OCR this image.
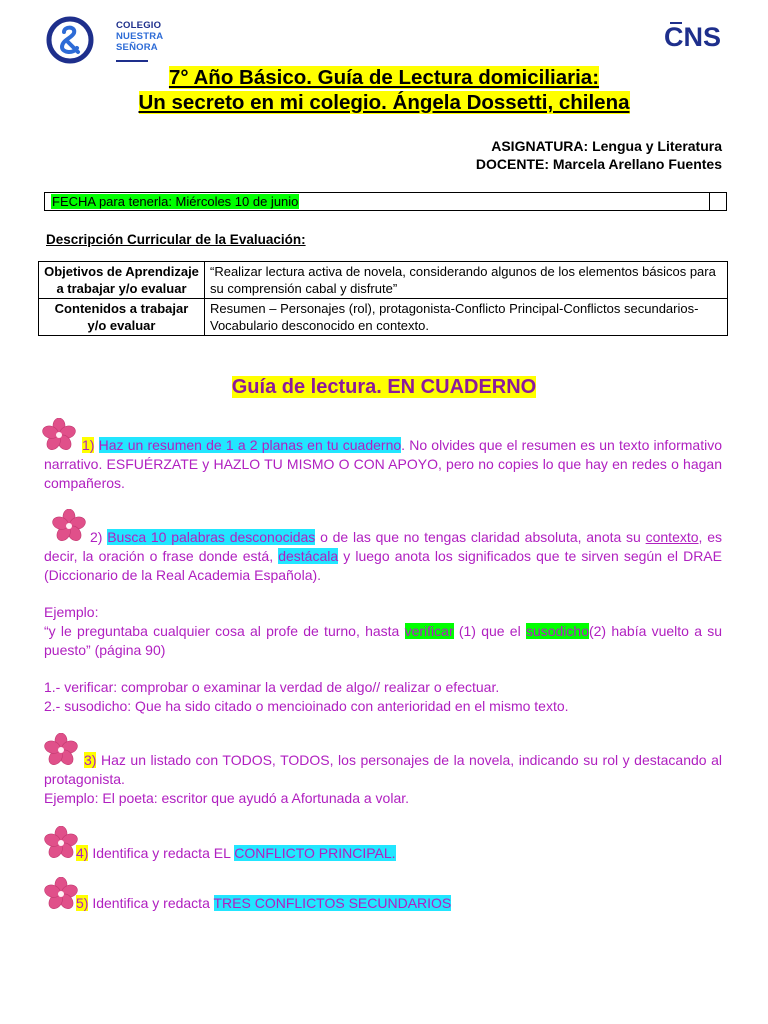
COLEGIO
NUESTRA
SEÑORA	CNS
7° Año Básico. Guía de Lectura domiciliaria:
Un secreto en mi colegio. Ángela Dossetti, chilena
ASIGNATURA: Lengua y Literatura
DOCENTE: Marcela Arellano Fuentes
FECHA para tenerla: Miércoles 10 de junio
Descripción Curricular de la Evaluación:
Objetivos de Aprendizaje a trabajar y/o evaluar	“Realizar lectura activa de novela, considerando algunos de los elementos básicos para su comprensión cabal y disfrute”
Contenidos a trabajar y/o evaluar	Resumen – Personajes (rol), protagonista-Conflicto Principal-Conflictos secundarios-Vocabulario desconocido en contexto.
Guía de lectura. EN CUADERNO
1) Haz un resumen de 1 a 2 planas en tu cuaderno. No olvides que el resumen es un texto informativo narrativo. ESFUÉRZATE y HAZLO TU MISMO O CON APOYO, pero no copies lo que hay en redes o hagan compañeros.
2) Busca 10 palabras desconocidas o de las que no tengas claridad absoluta, anota su contexto, es decir, la oración o frase donde está, destácala y luego anota los significados que te sirven según el DRAE (Diccionario de la Real Academia Española).
Ejemplo:
“y le preguntaba cualquier cosa al profe de turno, hasta verificar (1) que el susodicho(2) había vuelto a su puesto” (página 90)
1.- verificar: comprobar o examinar la verdad de algo// realizar o efectuar.
2.- susodicho: Que ha sido citado o mencioinado con anterioridad en el mismo texto.
3) Haz un listado con TODOS, TODOS, los personajes de la novela, indicando su rol y destacando al protagonista.
Ejemplo: El poeta: escritor que ayudó a Afortunada a volar.
4) Identifica y redacta EL CONFLICTO PRINCIPAL.
5) Identifica y redacta TRES CONFLICTOS SECUNDARIOS
